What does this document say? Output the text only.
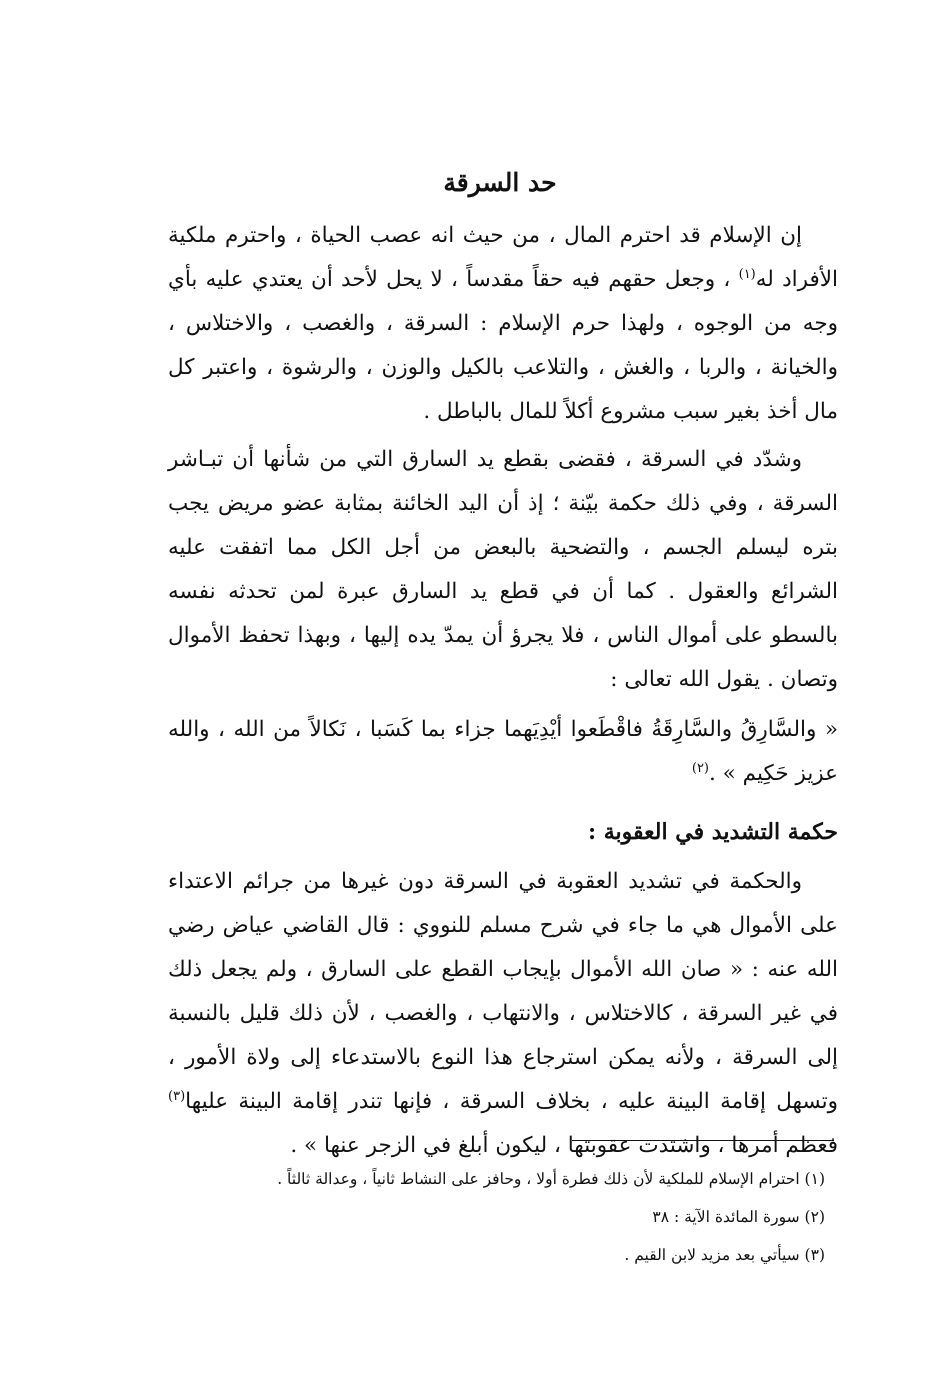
حد السرقة

إن الإسلام قد احترم المال ، من حيث انه عصب الحياة ، واحترم ملكية الأفراد له$^{(١)}$ ، وجعل حقهم فيه حقاً مقدساً ، لا يحل لأحد أن يعتدي عليه بأي وجه من الوجوه ، ولهذا حرم الإسلام : السرقة ، والغصب ، والاختلاس ، والخيانة ، والربا ، والغش ، والتلاعب بالكيل والوزن ، والرشوة ، واعتبر كل مال أخذ بغير سبب مشروع أكلاً للمال بالباطل .

وشدّد في السرقة ، فقضى بقطع يد السارق التي من شأنها أن تبـاشر السرقة ، وفي ذلك حكمة بيّنة ؛ إذ أن اليد الخائنة بمثابة عضو مريض يجب بتره ليسلم الجسم ، والتضحية بالبعض من أجل الكل مما اتفقت عليه الشرائع والعقول . كما أن في قطع يد السارق عبرة لمن تحدثه نفسه بالسطو على أموال الناس ، فلا يجرؤ أن يمدّ يده إليها ، وبهذا تحفظ الأموال وتصان . يقول الله تعالى :

« والسَّارِقُ والسَّارِقَةُ فاقْطَعوا أيْدِيَهما جزاء بما كَسَبا ، نَكالاً من الله ، والله عزيز حَكِيم » .$^{(٢)}$

حكمة التشديد في العقوبة :

والحكمة في تشديد العقوبة في السرقة دون غيرها من جرائم الاعتداء على الأموال هي ما جاء في شرح مسلم للنووي : قال القاضي عياض رضي الله عنه : « صان الله الأموال بإيجاب القطع على السارق ، ولم يجعل ذلك في غير السرقة ، كالاختلاس ، والانتهاب ، والغصب ، لأن ذلك قليل بالنسبة إلى السرقة ، ولأنه يمكن استرجاع هذا النوع بالاستدعاء إلى ولاة الأمور ، وتسهل إقامة البينة عليه ، بخلاف السرقة ، فإنها تندر إقامة البينة عليها$^{(٣)}$ فعظم أمرها ، واشتدت عقوبتها ، ليكون أبلغ في الزجر عنها » .

(١) احترام الإسلام للملكية لأن ذلك فطرة أولا ، وحافز على النشاط ثانياً ، وعدالة ثالثاً .

(٢) سورة المائدة الآية : ٣٨

(٣) سيأتي بعد مزيد لابن القيم .
